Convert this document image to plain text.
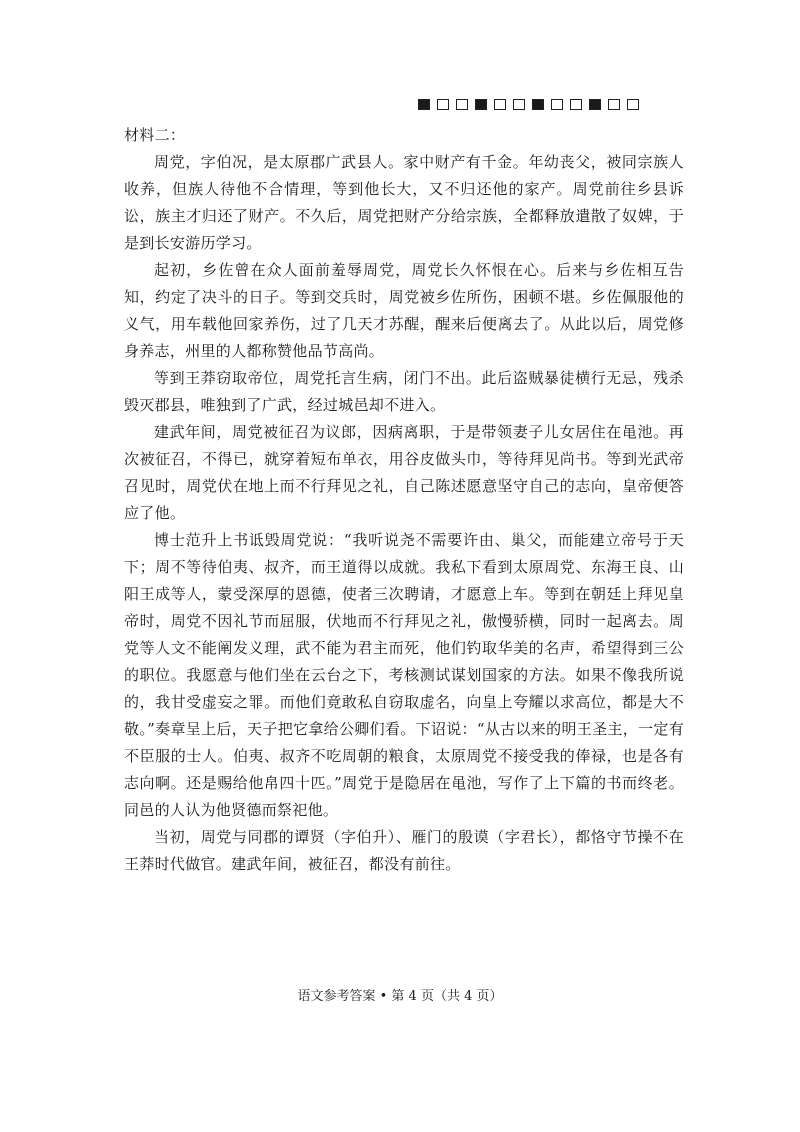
材料二：

周党，字伯况，是太原郡广武县人。家中财产有千金。年幼丧父，被同宗族人收养，但族人待他不合情理，等到他长大，又不归还他的家产。周党前往乡县诉讼，族主才归还了财产。不久后，周党把财产分给宗族，全都释放遣散了奴婢，于是到长安游历学习。

起初，乡佐曾在众人面前羞辱周党，周党长久怀恨在心。后来与乡佐相互告知，约定了决斗的日子。等到交兵时，周党被乡佐所伤，困顿不堪。乡佐佩服他的义气，用车载他回家养伤，过了几天才苏醒，醒来后便离去了。从此以后，周党修身养志，州里的人都称赞他品节高尚。

等到王莽窃取帝位，周党托言生病，闭门不出。此后盗贼暴徒横行无忌，残杀毁灭郡县，唯独到了广武，经过城邑却不进入。

建武年间，周党被征召为议郎，因病离职，于是带领妻子儿女居住在黾池。再次被征召，不得已，就穿着短布单衣，用谷皮做头巾，等待拜见尚书。等到光武帝召见时，周党伏在地上而不行拜见之礼，自己陈述愿意坚守自己的志向，皇帝便答应了他。

博士范升上书诋毁周党说：“我听说尧不需要许由、巢父，而能建立帝号于天下；周不等待伯夷、叔齐，而王道得以成就。我私下看到太原周党、东海王良、山阳王成等人，蒙受深厚的恩德，使者三次聘请，才愿意上车。等到在朝廷上拜见皇帝时，周党不因礼节而屈服，伏地而不行拜见之礼，傲慢骄横，同时一起离去。周党等人文不能阐发义理，武不能为君主而死，他们钓取华美的名声，希望得到三公的职位。我愿意与他们坐在云台之下，考核测试谋划国家的方法。如果不像我所说的，我甘受虚妄之罪。而他们竟敢私自窃取虚名，向皇上夸耀以求高位，都是大不敬。”奏章呈上后，天子把它拿给公卿们看。下诏说：“从古以来的明王圣主，一定有不臣服的士人。伯夷、叔齐不吃周朝的粮食，太原周党不接受我的俸禄，也是各有志向啊。还是赐给他帛四十匹。”周党于是隐居在黾池，写作了上下篇的书而终老。同邑的人认为他贤德而祭祀他。

当初，周党与同郡的谭贤（字伯升）、雁门的殷谟（字君长），都恪守节操不在王莽时代做官。建武年间，被征召，都没有前往。

语文参考答案 • 第 4 页（共 4 页）
